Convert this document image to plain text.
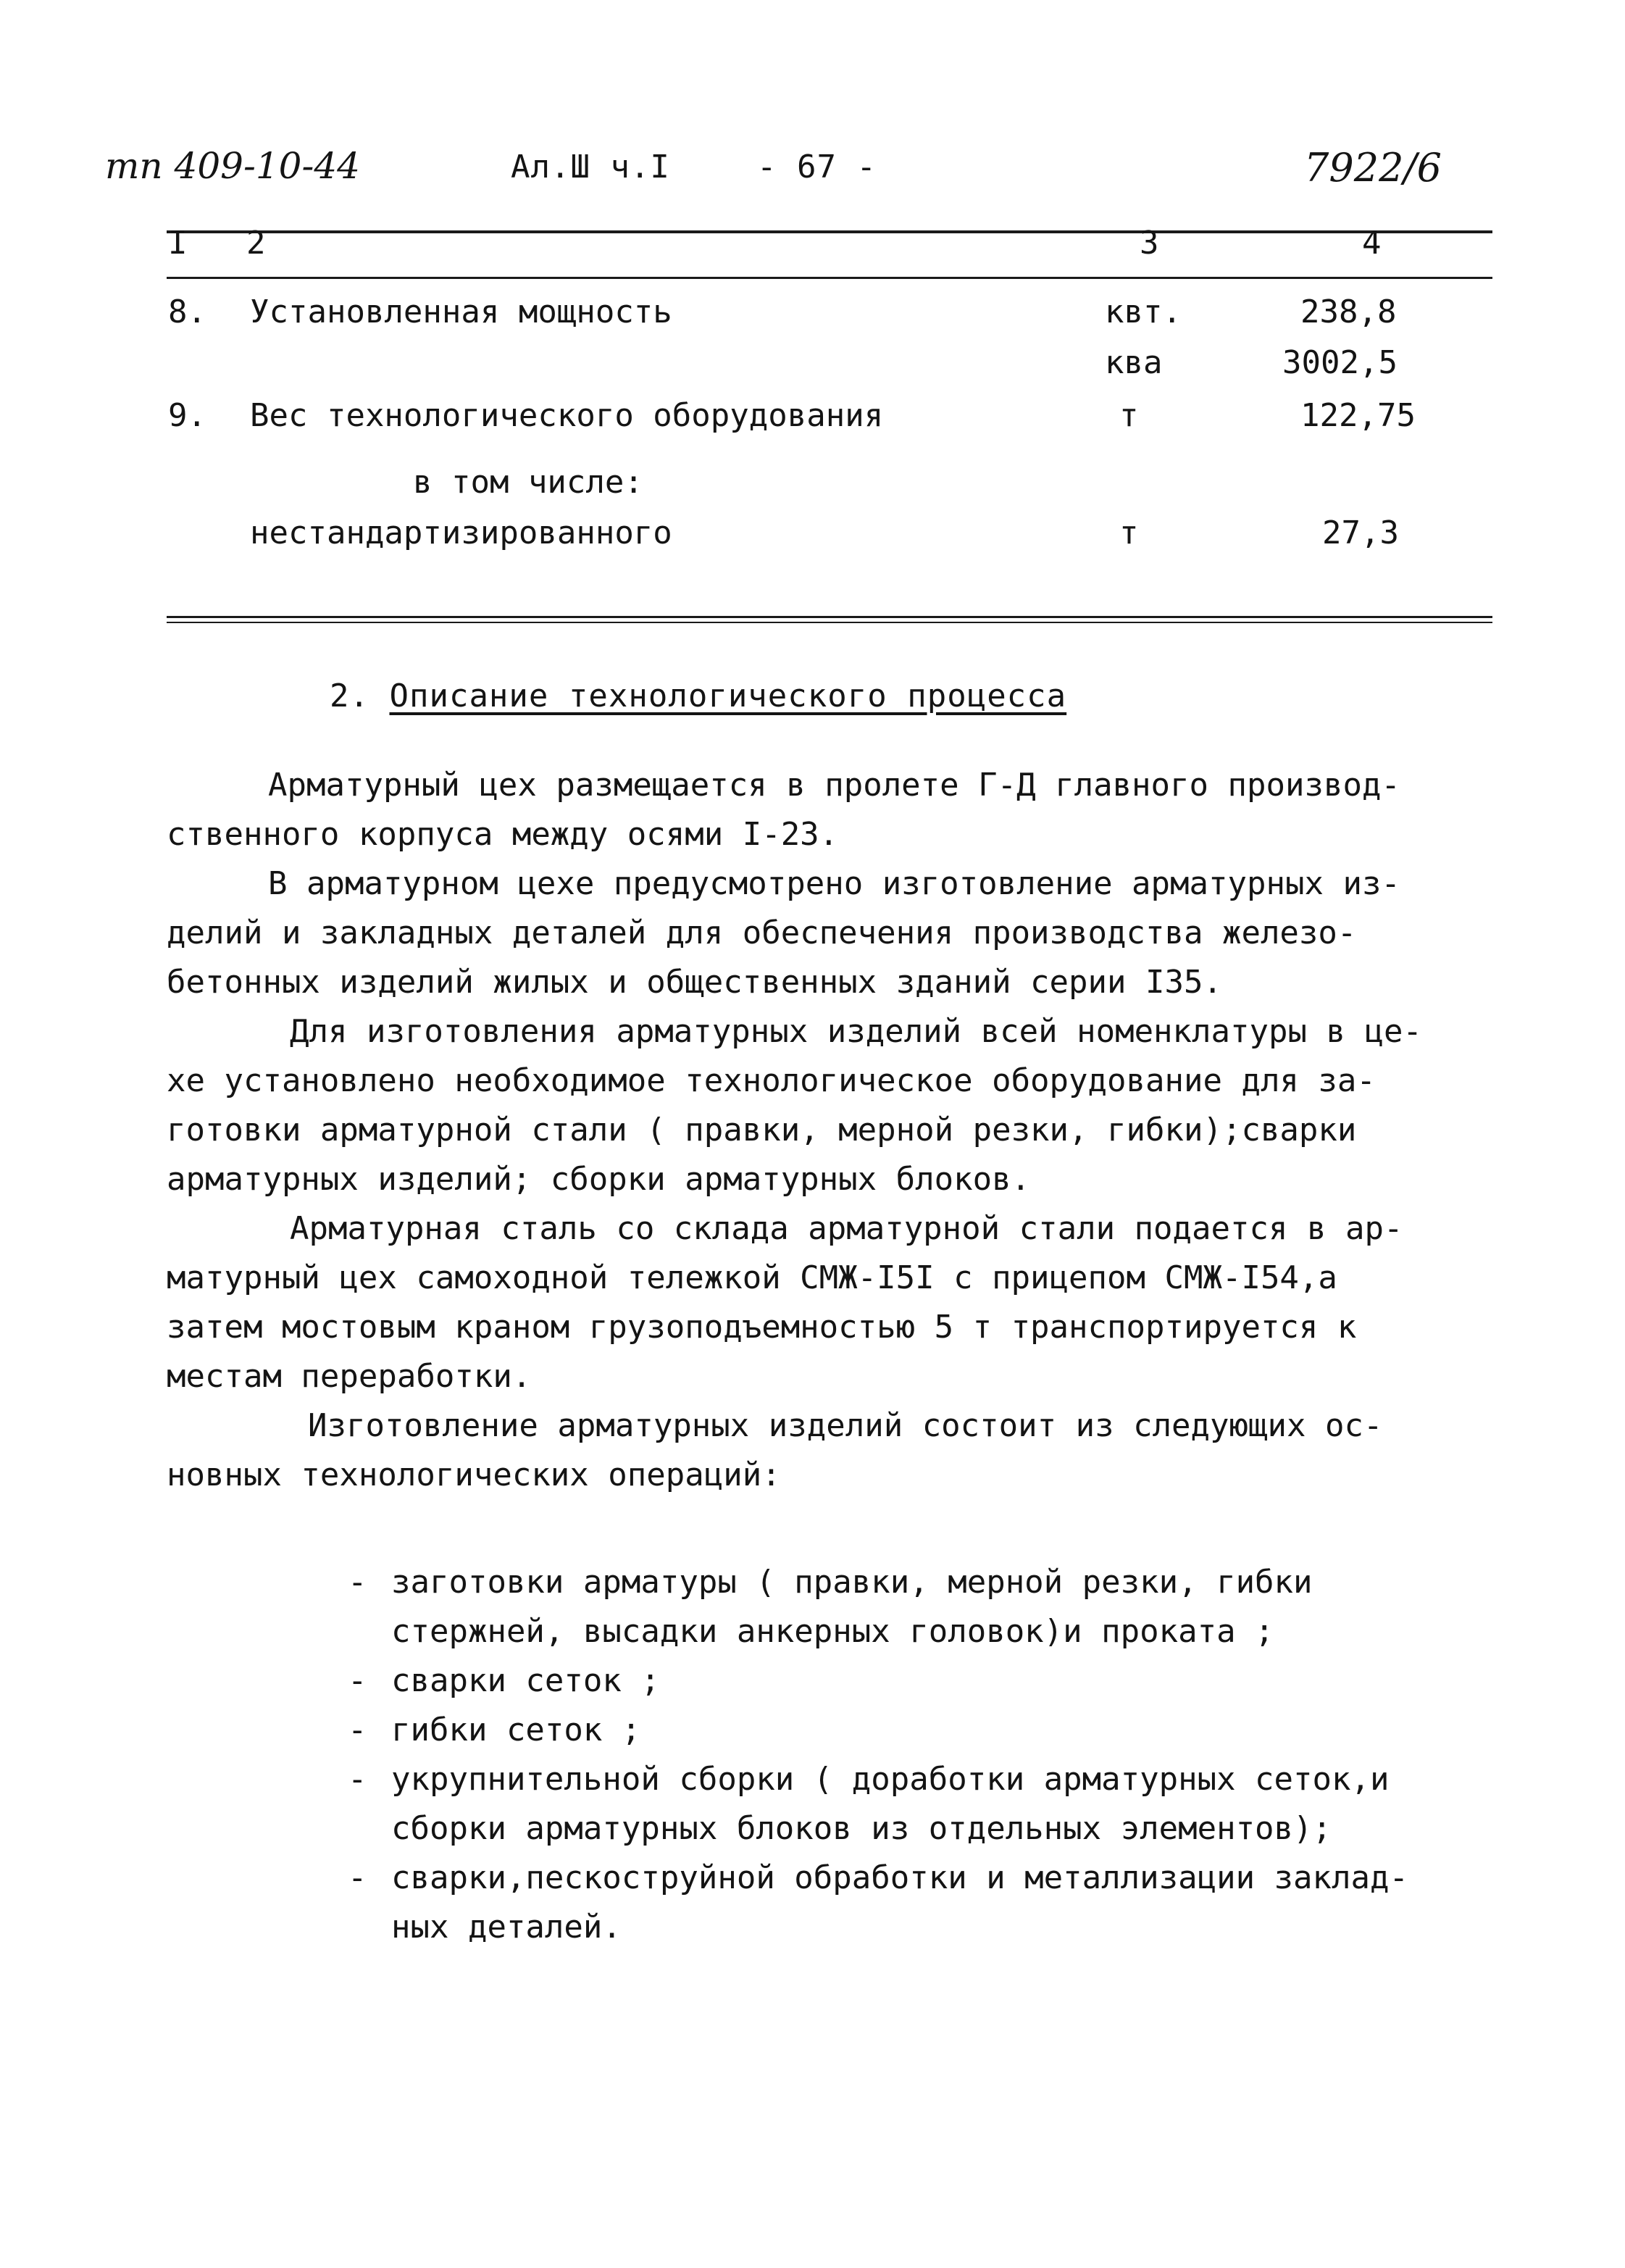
тп 409-10-44	Ал.Ш ч.I	- 67 -	7922/6
I 2	3	4
8. Установленная мощность	квт.	238,8
ква	3002,5
9. Вес технологического оборудования	т	122,75
в том числе:
нестандартизированного	т	27,3
2. Описание технологического процесса

Арматурный цех размещается в пролете Г-Д главного производ-

ственного корпуса между осями I-23.

В арматурном цехе предусмотрено изготовление арматурных из-

делий и закладных деталей для обеспечения производства железо-

бетонных изделий жилых и общественных зданий серии I35.

Для изготовления арматурных изделий всей номенклатуры в це-

хе установлено необходимое технологическое оборудование для за-

готовки арматурной стали ( правки, мерной резки, гибки);сварки

арматурных изделий; сборки арматурных блоков.

Арматурная сталь со склада арматурной стали подается в ар-

матурный цех самоходной тележкой СМЖ-I5I с прицепом СМЖ-I54,а

затем мостовым краном грузоподъемностью 5 т транспортируется к

местам переработки.

Изготовление арматурных изделий состоит из следующих ос-

новных технологических операций:

- заготовки арматуры ( правки, мерной резки, гибки

стержней, высадки анкерных головок)и проката ;

- сварки сеток ;

- гибки сеток ;

- укрупнительной сборки ( доработки арматурных сеток,и

сборки арматурных блоков из отдельных элементов);

- сварки,пескоструйной обработки и металлизации заклад-

ных деталей.
